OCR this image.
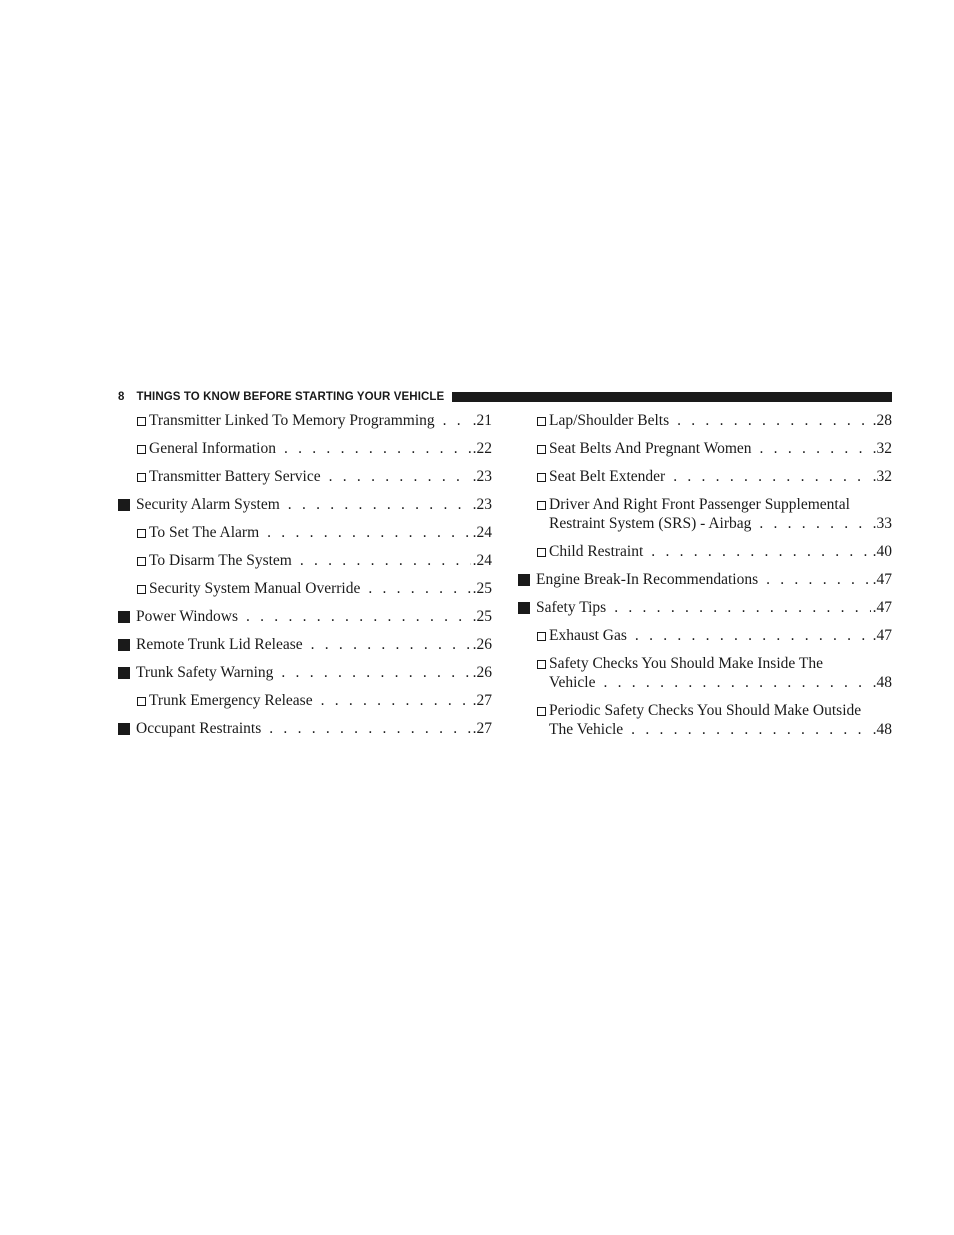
8 THINGS TO KNOW BEFORE STARTING YOUR VEHICLE
Transmitter Linked To Memory Programming . . . .21
General Information . . .	.22
Transmitter Battery Service . . .	.23
Security Alarm System . . .	.23
To Set The Alarm . . .	.24
To Disarm The System . . .	.24
Security System Manual Override . . .	.25
Power Windows . . .	.25
Remote Trunk Lid Release . . .	.26
Trunk Safety Warning . . .	.26
Trunk Emergency Release . . .	.27
Occupant Restraints . . .	.27
Lap/Shoulder Belts . . .	.28
Seat Belts And Pregnant Women . . .	.32
Seat Belt Extender . . .	.32
Driver And Right Front Passenger Supplemental
Restraint System (SRS) - Airbag . . .	.33
Child Restraint . . .	.40
Engine Break-In Recommendations . . .	.47
Safety Tips . . .	.47
Exhaust Gas . . .	.47
Safety Checks You Should Make Inside The
Vehicle . . .	.48
Periodic Safety Checks You Should Make Outside
The Vehicle . . .	.48
